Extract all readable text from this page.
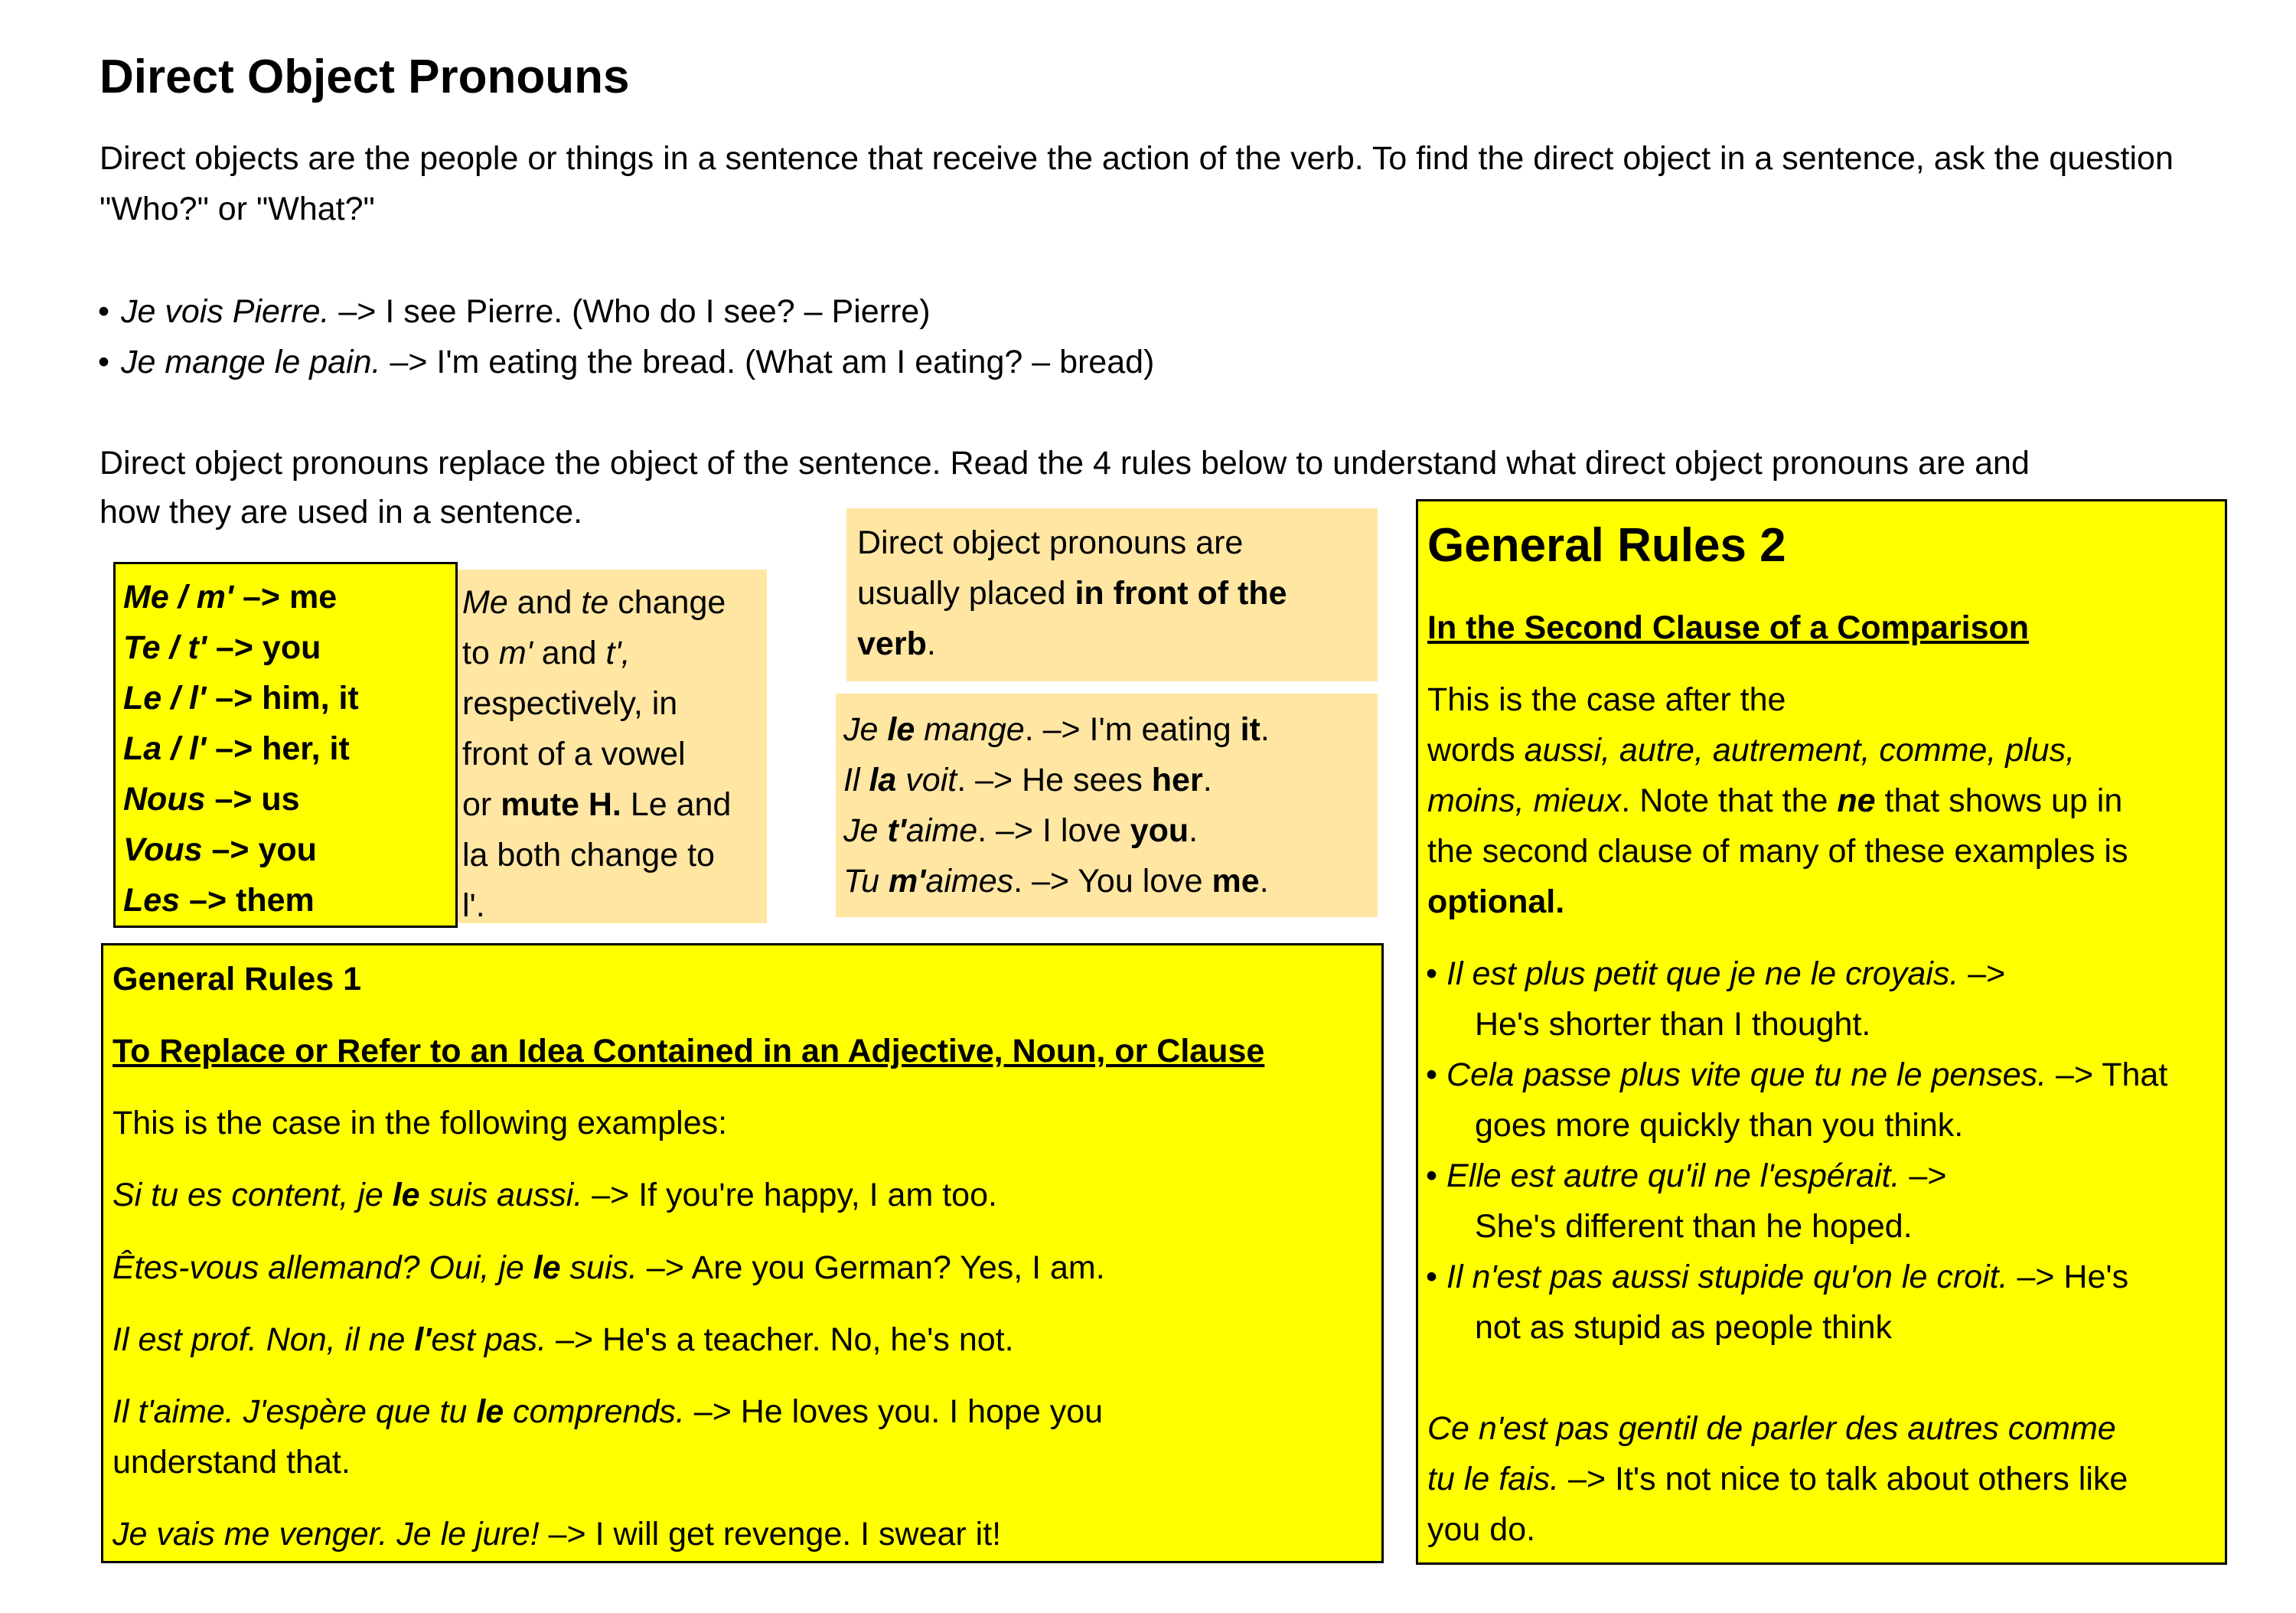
Direct Object Pronouns
Direct objects are the people or things in a sentence that receive the action of the verb. To find the direct object in a sentence, ask the question "Who?" or "What?"
• Je vois Pierre. –> I see Pierre. (Who do I see? – Pierre)
• Je mange le pain. –> I'm eating the bread. (What am I eating? – bread)
Direct object pronouns replace the object of the sentence. Read the 4 rules below to understand what direct object pronouns are and
how they are used in a sentence.
Me / m' –> me
Te / t' –> you
Le / l' –> him, it
La / l' –> her, it
Nous –> us
Vous –> you
Les –> them
Me and te change
to m' and t',
respectively, in
front of a vowel
or mute H. Le and
la both change to
l'.
Direct object pronouns are
usually placed in front of the
verb.
Je le mange. –> I'm eating it.
Il la voit. –> He sees her.
Je t'aime. –> I love you.
Tu m'aimes. –> You love me.
General Rules 1
To Replace or Refer to an Idea Contained in an Adjective, Noun, or Clause
This is the case in the following examples:
Si tu es content, je le suis aussi. –> If you're happy, I am too.
Êtes-vous allemand? Oui, je le suis. –> Are you German? Yes, I am.
Il est prof. Non, il ne l'est pas. –> He's a teacher. No, he's not.
Il t'aime. J'espère que tu le comprends. –> He loves you. I hope you
understand that.
Je vais me venger. Je le jure! –> I will get revenge. I swear it!
General Rules 2
In the Second Clause of a Comparison
This is the case after the
words aussi, autre, autrement, comme, plus,
moins, mieux. Note that the ne that shows up in
the second clause of many of these examples is
optional.
• Il est plus petit que je ne le croyais. –>
He's shorter than I thought.
• Cela passe plus vite que tu ne le penses. –> That
goes more quickly than you think.
• Elle est autre qu'il ne l'espérait. –>
She's different than he hoped.
• Il n'est pas aussi stupide qu'on le croit. –> He's
not as stupid as people think
Ce n'est pas gentil de parler des autres comme
tu le fais. –> It's not nice to talk about others like
you do.
